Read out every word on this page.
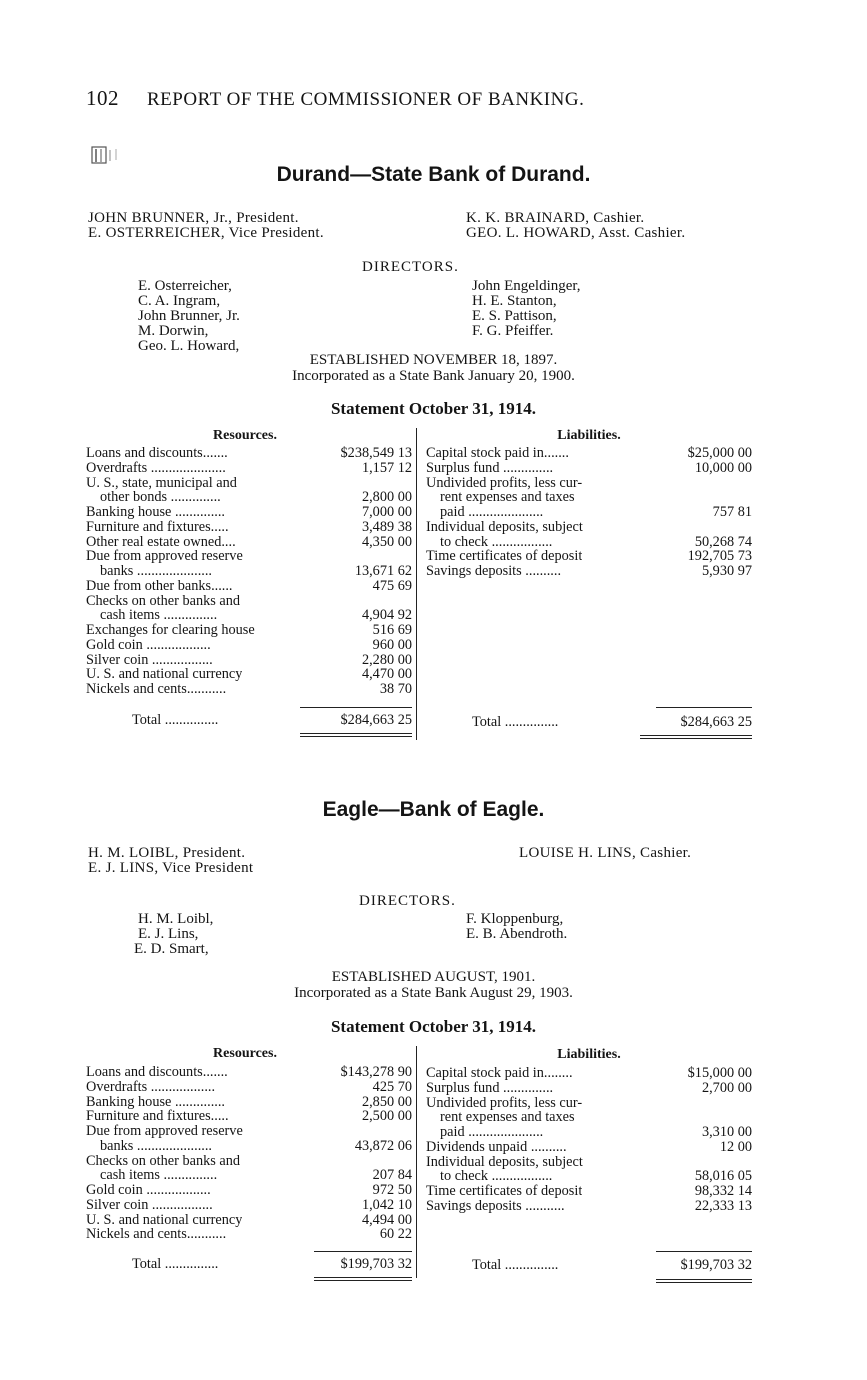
102 REPORT OF THE COMMISSIONER OF BANKING.
Durand—State Bank of Durand.
JOHN BRUNNER, Jr., President.
E. OSTERREICHER, Vice President.
K. K. BRAINARD, Cashier.
GEO. L. HOWARD, Asst. Cashier.
DIRECTORS.
E. Osterreicher,
C. A. Ingram,
John Brunner, Jr.
M. Dorwin,
Geo. L. Howard,
John Engeldinger,
H. E. Stanton,
E. S. Pattison,
F. G. Pfeiffer.
ESTABLISHED NOVEMBER 18, 1897.
Incorporated as a State Bank January 20, 1900.
Statement October 31, 1914.
Resources.	Liabilities.
Loans and discounts.......	$238,549 13
Overdrafts .....................	1,157 12
U. S., state, municipal and
other bonds ..............	2,800 00
Banking house ..............	7,000 00
Furniture and fixtures.....	3,489 38
Other real estate owned....	4,350 00
Due from approved reserve
banks .....................	13,671 62
Due from other banks......	475 69
Checks on other banks and
cash items ...............	4,904 92
Exchanges for clearing house	516 69
Gold coin ..................	960 00
Silver coin .................	2,280 00
U. S. and national currency	4,470 00
Nickels and cents...........	38 70
Capital stock paid in.......	$25,000 00
Surplus fund ..............	10,000 00
Undivided profits, less cur-
rent expenses and taxes
paid .....................	757 81
Individual deposits, subject
to check .................	50,268 74
Time certificates of deposit	192,705 73
Savings deposits ..........	5,930 97
Total ...............	$284,663 25	Total ...............	$284,663 25
Eagle—Bank of Eagle.
H. M. LOIBL, President.
E. J. LINS, Vice President
LOUISE H. LINS, Cashier.
DIRECTORS.
H. M. Loibl,
E. J. Lins,
E. D. Smart,
F. Kloppenburg,
E. B. Abendroth.
ESTABLISHED AUGUST, 1901.
Incorporated as a State Bank August 29, 1903.
Statement October 31, 1914.
Resources.	Liabilities.
Loans and discounts.......	$143,278 90
Overdrafts ..................	425 70
Banking house ..............	2,850 00
Furniture and fixtures.....	2,500 00
Due from approved reserve
banks .....................	43,872 06
Checks on other banks and
cash items ...............	207 84
Gold coin ..................	972 50
Silver coin .................	1,042 10
U. S. and national currency	4,494 00
Nickels and cents...........	60 22
Capital stock paid in........	$15,000 00
Surplus fund ..............	2,700 00
Undivided profits, less cur-
rent expenses and taxes
paid .....................	3,310 00
Dividends unpaid ..........	12 00
Individual deposits, subject
to check .................	58,016 05
Time certificates of deposit	98,332 14
Savings deposits ...........	22,333 13
Total ...............	$199,703 32	Total ...............	$199,703 32
